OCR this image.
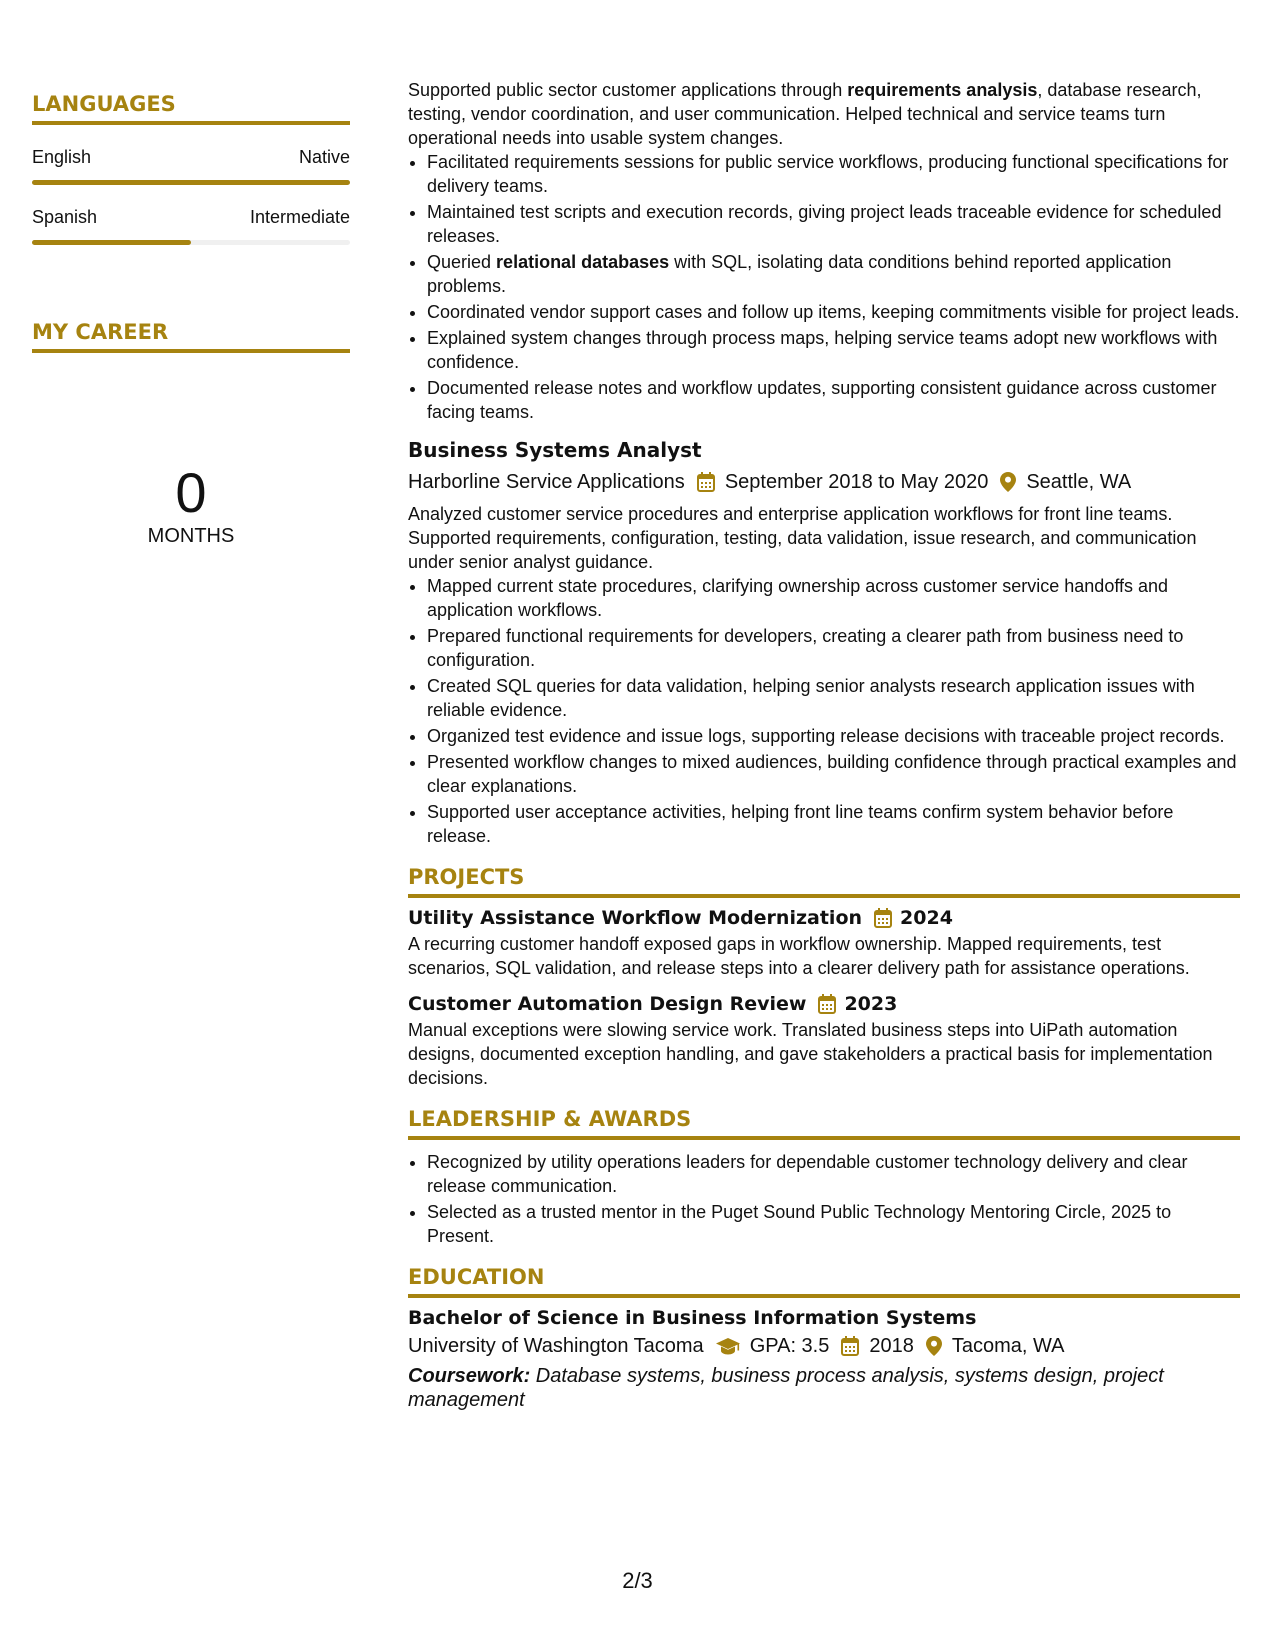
LANGUAGES
English	Native
Spanish	Intermediate
MY CAREER
0
MONTHS

Supported public sector customer applications through requirements analysis, database research, testing, vendor coordination, and user communication. Helped technical and service teams turn operational needs into usable system changes.

• Facilitated requirements sessions for public service workflows, producing functional specifications for delivery teams.
• Maintained test scripts and execution records, giving project leads traceable evidence for scheduled releases.
• Queried relational databases with SQL, isolating data conditions behind reported application problems.
• Coordinated vendor support cases and follow up items, keeping commitments visible for project leads.
• Explained system changes through process maps, helping service teams adopt new workflows with confidence.
• Documented release notes and workflow updates, supporting consistent guidance across customer facing teams.
Business Systems Analyst
Harborline Service Applications September 2018 to May 2020 Seattle, WA

Analyzed customer service procedures and enterprise application workflows for front line teams. Supported requirements, configuration, testing, data validation, issue research, and communication under senior analyst guidance.

• Mapped current state procedures, clarifying ownership across customer service handoffs and application workflows.
• Prepared functional requirements for developers, creating a clearer path from business need to configuration.
• Created SQL queries for data validation, helping senior analysts research application issues with reliable evidence.
• Organized test evidence and issue logs, supporting release decisions with traceable project records.
• Presented workflow changes to mixed audiences, building confidence through practical examples and clear explanations.
• Supported user acceptance activities, helping front line teams confirm system behavior before release.
PROJECTS
Utility Assistance Workflow Modernization 2024

A recurring customer handoff exposed gaps in workflow ownership. Mapped requirements, test scenarios, SQL validation, and release steps into a clearer delivery path for assistance operations.

Customer Automation Design Review 2023

Manual exceptions were slowing service work. Translated business steps into UiPath automation designs, documented exception handling, and gave stakeholders a practical basis for implementation decisions.

LEADERSHIP & AWARDS
• Recognized by utility operations leaders for dependable customer technology delivery and clear release communication.
• Selected as a trusted mentor in the Puget Sound Public Technology Mentoring Circle, 2025 to Present.
EDUCATION
Bachelor of Science in Business Information Systems
University of Washington Tacoma GPA: 3.5 2018 Tacoma, WA
Coursework: Database systems, business process analysis, systems design, project management
2/3
